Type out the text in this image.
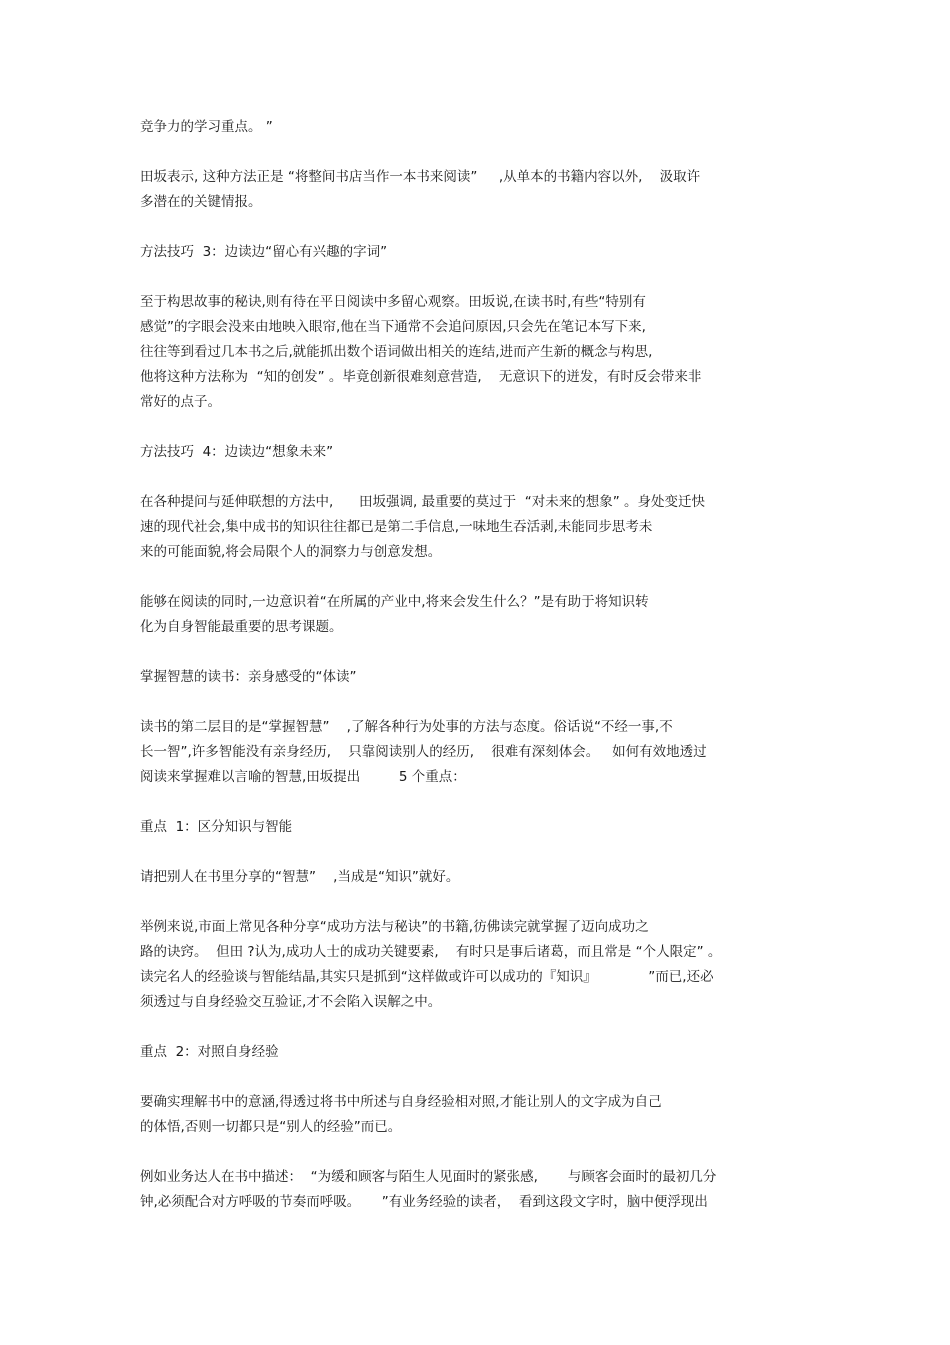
竞争力的学习重点。 ”
田坂表示, 这种方法正是 “将整间书店当作一本书来阅读”     ,从单本的书籍内容以外,    汲取许
多潜在的关键情报。
方法技巧  3：边读边“留心有兴趣的字词”
至于构思故事的秘诀,则有待在平日阅读中多留心观察。田坂说,在读书时,有些“特别有
感觉”的字眼会没来由地映入眼帘,他在当下通常不会追问原因,只会先在笔记本写下来,
往往等到看过几本书之后,就能抓出数个语词做出相关的连结,进而产生新的概念与构思,
他将这种方法称为  “知的创发” 。毕竟创新很难刻意营造,    无意识下的迸发，有时反会带来非
常好的点子。
方法技巧  4：边读边“想象未来”
在各种提问与延伸联想的方法中,      田坂强调, 最重要的莫过于  “对未来的想象” 。身处变迁快
速的现代社会,集中成书的知识往往都已是第二手信息,一味地生吞活剥,未能同步思考未
来的可能面貌,将会局限个人的洞察力与创意发想。
能够在阅读的同时,一边意识着“在所属的产业中,将来会发生什么？”是有助于将知识转
化为自身智能最重要的思考课题。
掌握智慧的读书：亲身感受的“体读”
读书的第二层目的是“掌握智慧”    ,了解各种行为处事的方法与态度。俗话说“不经一事,不
长一智”,许多智能没有亲身经历,    只靠阅读别人的经历,    很难有深刻体会。   如何有效地透过
阅读来掌握难以言喻的智慧,田坂提出         5 个重点：
重点  1：区分知识与智能
请把别人在书里分享的“智慧”    ,当成是“知识”就好。
举例来说,市面上常见各种分享“成功方法与秘诀”的书籍,彷佛读完就掌握了迈向成功之
路的诀窍。  但田 ?认为,成功人士的成功关键要素,    有时只是事后诸葛，而且常是 “个人限定” 。
读完名人的经验谈与智能结晶,其实只是抓到“这样做或许可以成功的『知识』            ”而已,还必
须透过与自身经验交互验证,才不会陷入误解之中。
重点  2：对照自身经验
要确实理解书中的意涵,得透过将书中所述与自身经验相对照,才能让别人的文字成为自己
的体悟,否则一切都只是“别人的经验”而已。
例如业务达人在书中描述：  “为缓和顾客与陌生人见面时的紧张感,       与顾客会面时的最初几分
钟,必须配合对方呼吸的节奏而呼吸。     ”有业务经验的读者，  看到这段文字时，脑中便浮现出
